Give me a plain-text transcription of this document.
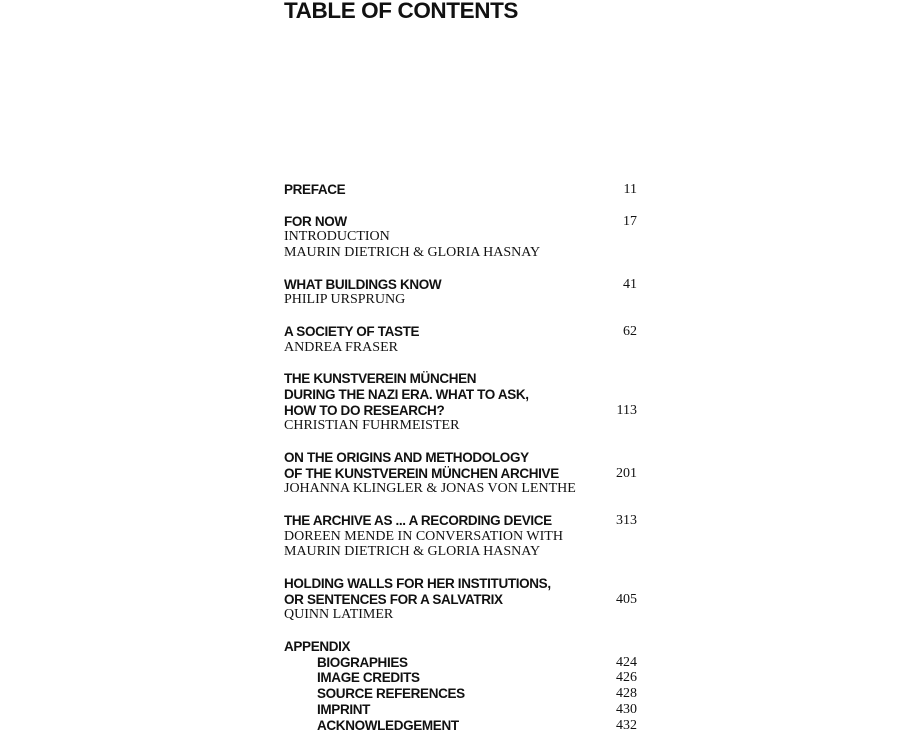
TABLE OF CONTENTS
PREFACE	11
FOR NOW	17
INTRODUCTION
MAURIN DIETRICH & GLORIA HASNAY
WHAT BUILDINGS KNOW	41
PHILIP URSPRUNG
A SOCIETY OF TASTE	62
ANDREA FRASER
THE KUNSTVEREIN MÜNCHEN
DURING THE NAZI ERA. WHAT TO ASK,
HOW TO DO RESEARCH?	113
CHRISTIAN FUHRMEISTER
ON THE ORIGINS AND METHODOLOGY
OF THE KUNSTVEREIN MÜNCHEN ARCHIVE	201
JOHANNA KLINGLER & JONAS VON LENTHE
THE ARCHIVE AS ... A RECORDING DEVICE	313
DOREEN MENDE IN CONVERSATION WITH
MAURIN DIETRICH & GLORIA HASNAY
HOLDING WALLS FOR HER INSTITUTIONS,
OR SENTENCES FOR A SALVATRIX	405
QUINN LATIMER
APPENDIX
BIOGRAPHIES	424
IMAGE CREDITS	426
SOURCE REFERENCES	428
IMPRINT	430
ACKNOWLEDGEMENT	432
